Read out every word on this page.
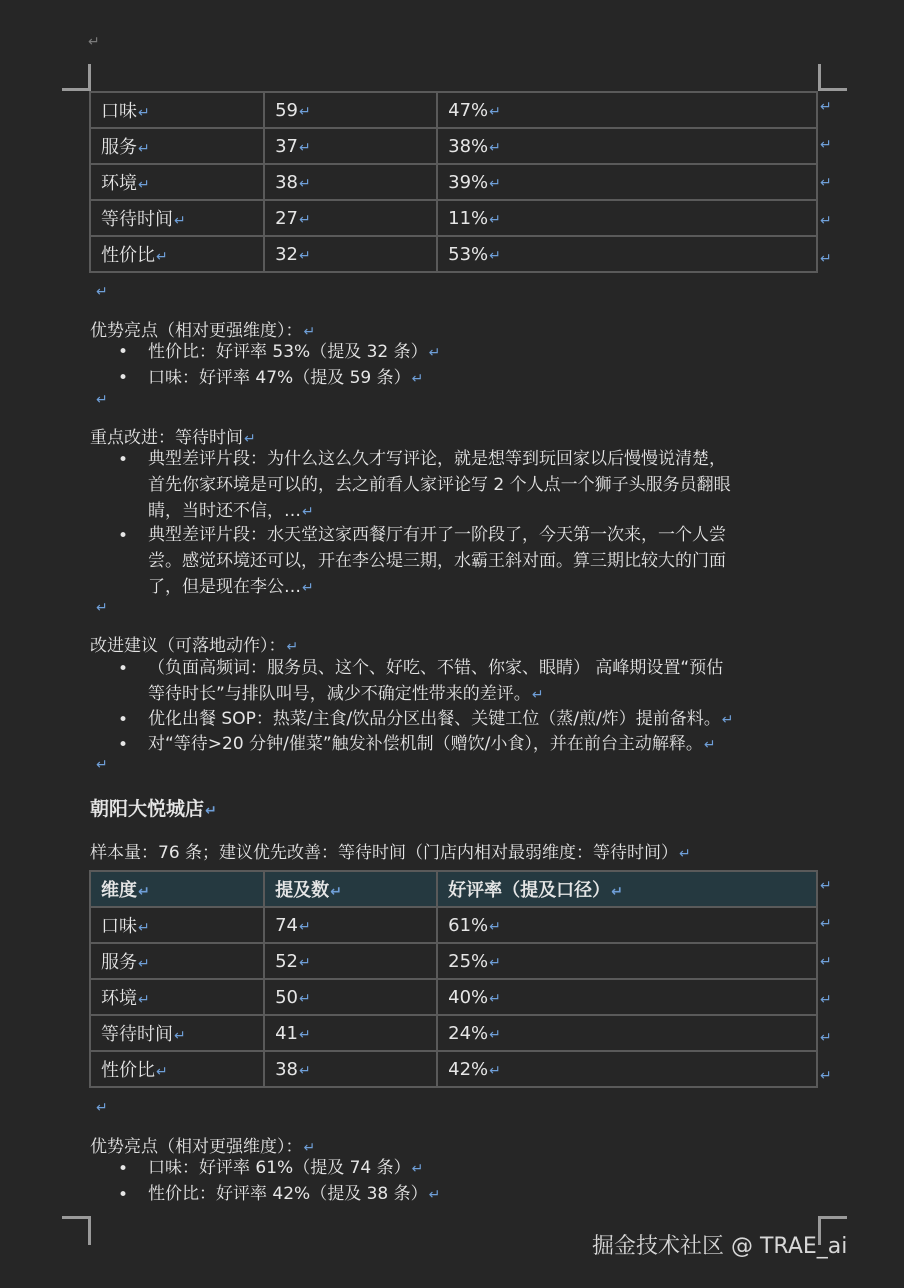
↵
口味↵	59↵	47%↵
服务↵	37↵	38%↵
环境↵	38↵	39%↵
等待时间↵	27↵	11%↵
性价比↵	32↵	53%↵
↵
↵
↵
↵
↵
↵
优势亮点（相对更强维度）：↵
• 性价比：好评率 53%（提及 32 条）↵
• 口味：好评率 47%（提及 59 条）↵
↵
重点改进：等待时间↵
• 典型差评片段：为什么这么久才写评论，就是想等到玩回家以后慢慢说清楚，
首先你家环境是可以的，去之前看人家评论写 2 个人点一个狮子头服务员翻眼
睛，当时还不信，…↵
• 典型差评片段：水天堂这家西餐厅有开了一阶段了，今天第一次来，一个人尝
尝。感觉环境还可以，开在李公堤三期，水霸王斜对面。算三期比较大的门面
了，但是现在李公…↵
↵
改进建议（可落地动作）：↵
• （负面高频词：服务员、这个、好吃、不错、你家、眼睛） 高峰期设置“预估
等待时长”与排队叫号，减少不确定性带来的差评。↵
• 优化出餐 SOP：热菜/主食/饮品分区出餐、关键工位（蒸/煎/炸）提前备料。↵
• 对“等待>20 分钟/催菜”触发补偿机制（赠饮/小食），并在前台主动解释。↵
↵
朝阳大悦城店↵
样本量：76 条；建议优先改善：等待时间（门店内相对最弱维度：等待时间）↵
维度↵	提及数↵	好评率（提及口径）↵
口味↵	74↵	61%↵
服务↵	52↵	25%↵
环境↵	50↵	40%↵
等待时间↵	41↵	24%↵
性价比↵	38↵	42%↵
↵
↵
↵
↵
↵
↵
↵
优势亮点（相对更强维度）：↵
• 口味：好评率 61%（提及 74 条）↵
• 性价比：好评率 42%（提及 38 条）↵
掘金技术社区 @ TRAE_ai
